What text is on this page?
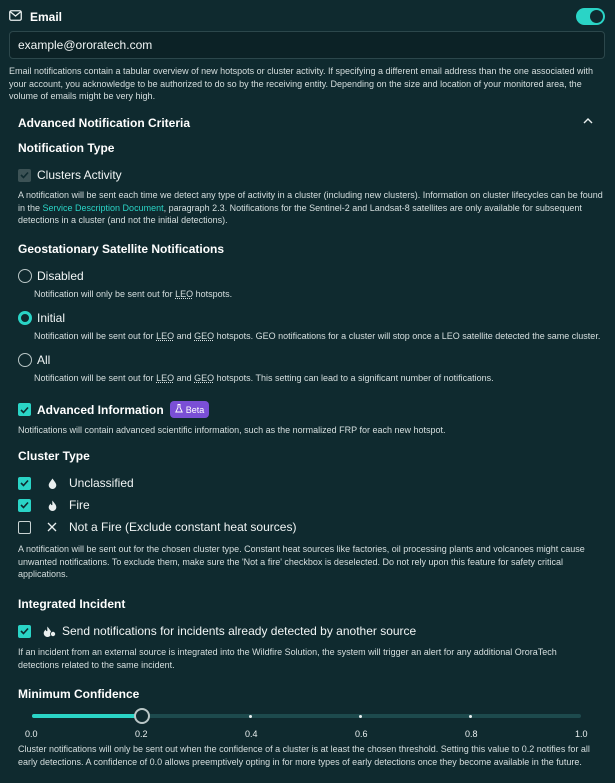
Email
example@ororatech.com
Email notifications contain a tabular overview of new hotspots or cluster activity. If specifying a different email address than the one associated with your account, you acknowledge to be authorized to do so by the receiving entity. Depending on the size and location of your monitored area, the volume of emails might be very high.
Advanced Notification Criteria
Notification Type
Clusters Activity
A notification will be sent each time we detect any type of activity in a cluster (including new clusters). Information on cluster lifecycles can be found in the Service Description Document, paragraph 2.3. Notifications for the Sentinel-2 and Landsat-8 satellites are only available for subsequent detections in a cluster (and not the initial detections).
Geostationary Satellite Notifications
Disabled
Notification will only be sent out for LEO hotspots.
Initial
Notification will be sent out for LEO and GEO hotspots. GEO notifications for a cluster will stop once a LEO satellite detected the same cluster.
All
Notification will be sent out for LEO and GEO hotspots. This setting can lead to a significant number of notifications.
Advanced Information Beta
Notifications will contain advanced scientific information, such as the normalized FRP for each new hotspot.
Cluster Type
Unclassified
Fire
Not a Fire (Exclude constant heat sources)
A notification will be sent out for the chosen cluster type. Constant heat sources like factories, oil processing plants and volcanoes might cause unwanted notifications. To exclude them, make sure the 'Not a fire' checkbox is deselected. Do not rely upon this feature for safety critical applications.
Integrated Incident
Send notifications for incidents already detected by another source
If an incident from an external source is integrated into the Wildfire Solution, the system will trigger an alert for any additional OroraTech detections related to the same incident.
Minimum Confidence
0.0	0.2	0.4	0.6	0.8	1.0
Cluster notifications will only be sent out when the confidence of a cluster is at least the chosen threshold. Setting this value to 0.2 notifies for all early detections. A confidence of 0.0 allows preemptively opting in for more types of early detections once they become available in the future.
